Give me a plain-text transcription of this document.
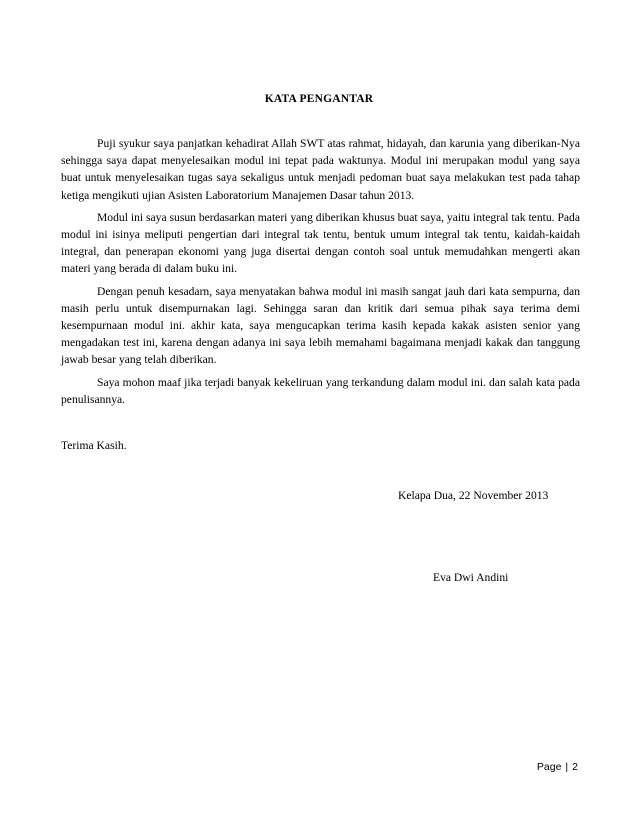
KATA PENGANTAR

Puji syukur saya panjatkan kehadirat Allah SWT atas rahmat, hidayah, dan karunia yang diberikan-Nya sehingga saya dapat menyelesaikan modul ini tepat pada waktunya. Modul ini merupakan modul yang saya buat untuk menyelesaikan tugas saya sekaligus untuk menjadi pedoman buat saya melakukan test pada tahap ketiga mengikuti ujian Asisten Laboratorium Manajemen Dasar tahun 2013.

Modul ini saya susun berdasarkan materi yang diberikan khusus buat saya, yaitu integral tak tentu. Pada modul ini isinya meliputi pengertian dari integral tak tentu, bentuk umum integral tak tentu, kaidah-kaidah integral, dan penerapan ekonomi yang juga disertai dengan contoh soal untuk memudahkan mengerti akan materi yang berada di dalam buku ini.

Dengan penuh kesadarn, saya menyatakan bahwa modul ini masih sangat jauh dari kata sempurna, dan masih perlu untuk disempurnakan lagi. Sehingga saran dan kritik dari semua pihak saya terima demi kesempurnaan modul ini. akhir kata, saya mengucapkan terima kasih kepada kakak asisten senior yang mengadakan test ini, karena dengan adanya ini saya lebih memahami bagaimana menjadi kakak dan tanggung jawab besar yang telah diberikan.

Saya mohon maaf jika terjadi banyak kekeliruan yang terkandung dalam modul ini. dan salah kata pada penulisannya.

Terima Kasih.
Kelapa Dua, 22 November 2013
Eva Dwi Andini
Page | 2
